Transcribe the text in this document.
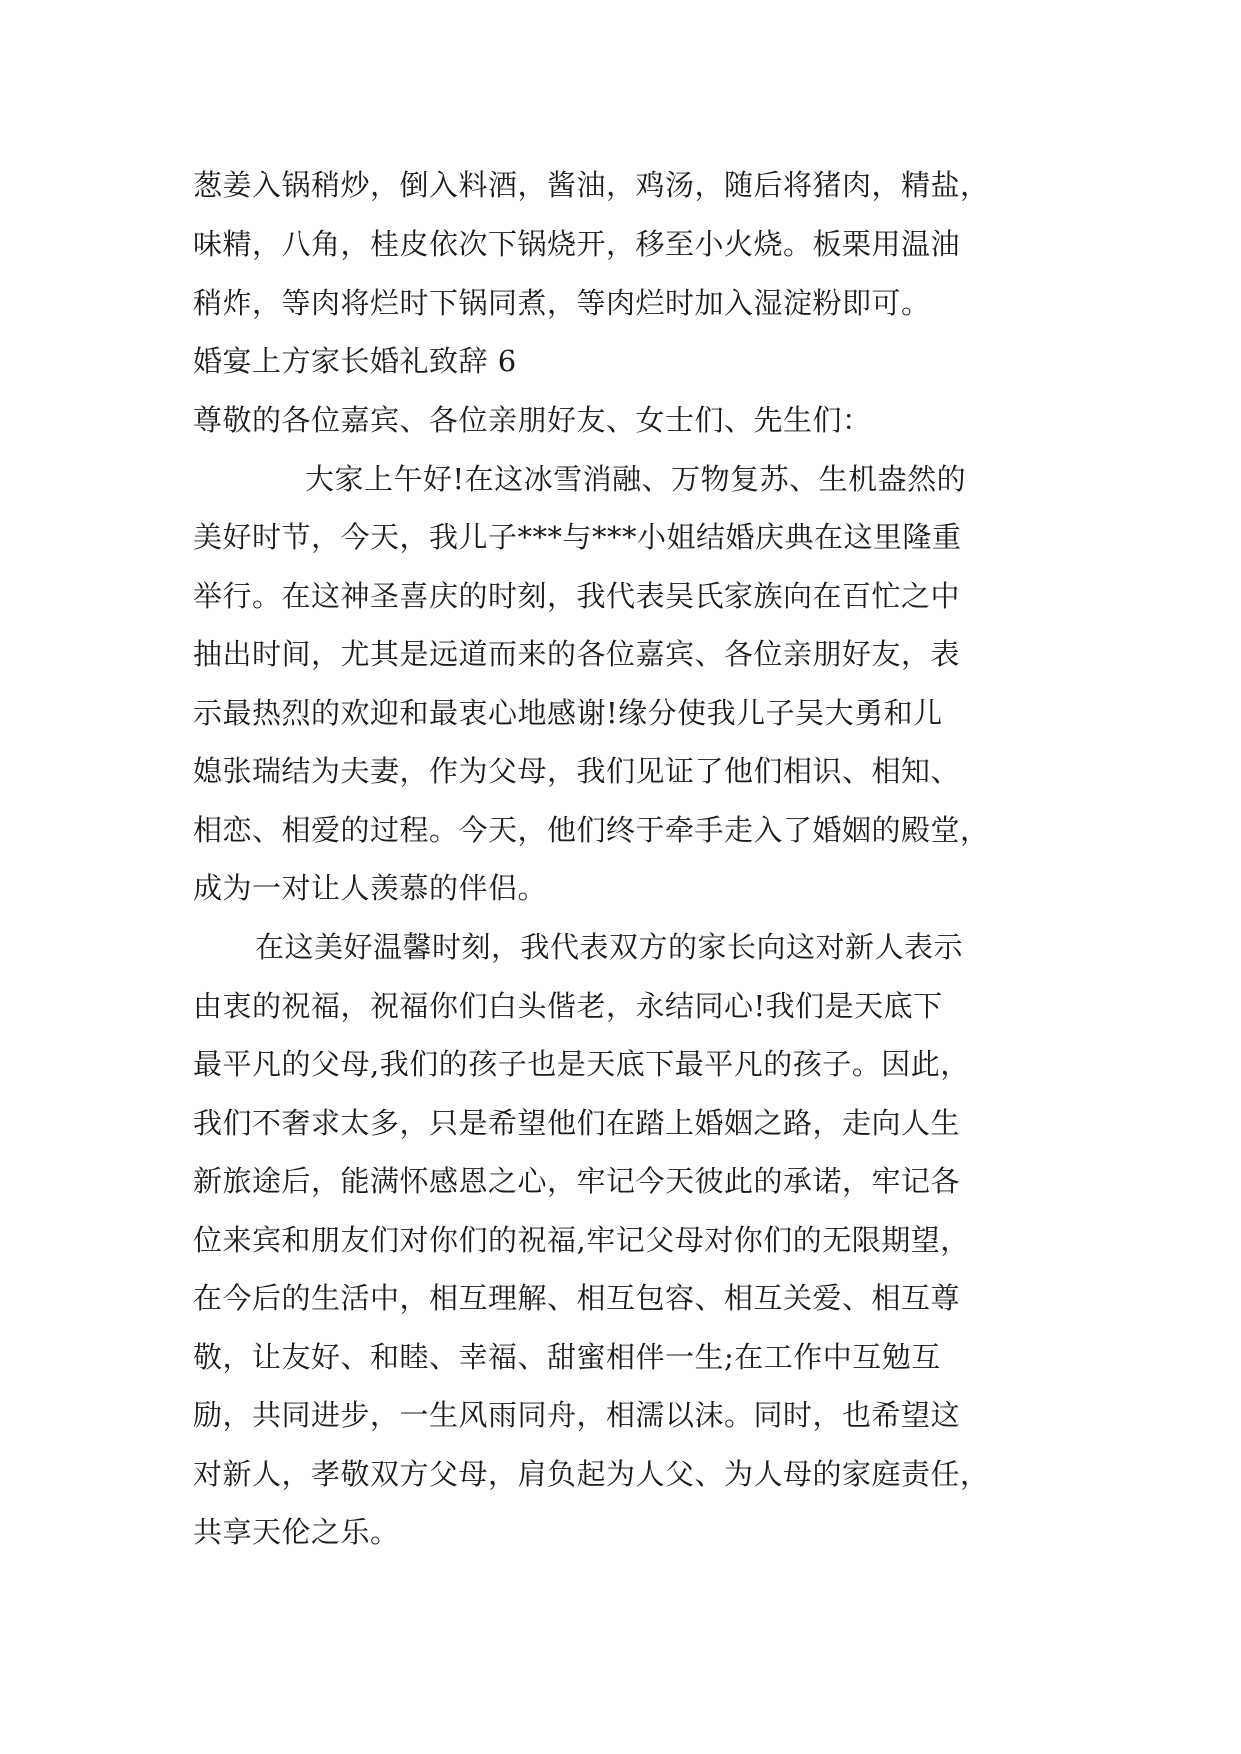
葱姜入锅稍炒，倒入料酒，酱油，鸡汤，随后将猪肉，精盐，
味精，八角，桂皮依次下锅烧开，移至小火烧。板栗用温油
稍炸，等肉将烂时下锅同煮，等肉烂时加入湿淀粉即可。
婚宴上方家长婚礼致辞 6
尊敬的各位嘉宾、各位亲朋好友、女士们、先生们：
大家上午好!在这冰雪消融、万物复苏、生机盎然的
美好时节，今天，我儿子***与***小姐结婚庆典在这里隆重
举行。在这神圣喜庆的时刻，我代表吴氏家族向在百忙之中
抽出时间，尤其是远道而来的各位嘉宾、各位亲朋好友，表
示最热烈的欢迎和最衷心地感谢!缘分使我儿子吴大勇和儿
媳张瑞结为夫妻，作为父母，我们见证了他们相识、相知、
相恋、相爱的过程。今天，他们终于牵手走入了婚姻的殿堂，
成为一对让人羡慕的伴侣。
在这美好温馨时刻，我代表双方的家长向这对新人表示
由衷的祝福，祝福你们白头偕老，永结同心!我们是天底下
最平凡的父母,我们的孩子也是天底下最平凡的孩子。因此，
我们不奢求太多，只是希望他们在踏上婚姻之路，走向人生
新旅途后，能满怀感恩之心，牢记今天彼此的承诺，牢记各
位来宾和朋友们对你们的祝福,牢记父母对你们的无限期望，
在今后的生活中，相互理解、相互包容、相互关爱、相互尊
敬，让友好、和睦、幸福、甜蜜相伴一生;在工作中互勉互
励，共同进步，一生风雨同舟，相濡以沫。同时，也希望这
对新人，孝敬双方父母，肩负起为人父、为人母的家庭责任，
共享天伦之乐。
